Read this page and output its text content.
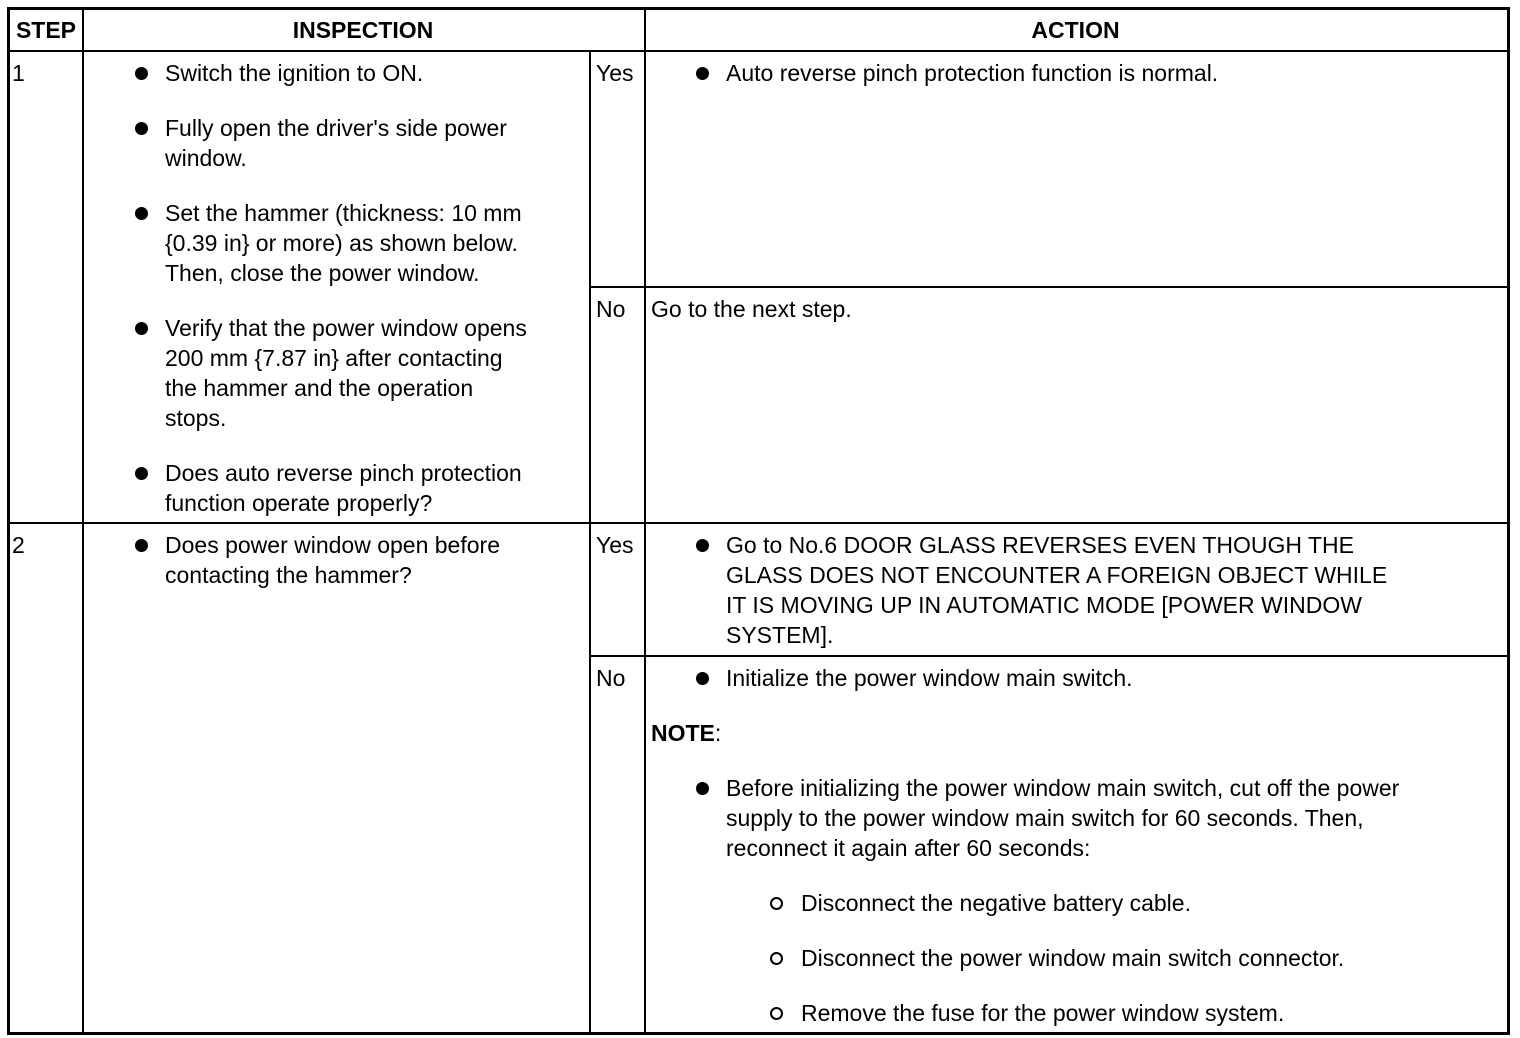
STEP	INSPECTION	ACTION
1	Switch the ignition to ON.
Fully open the driver's side power
window.
Set the hammer (thickness: 10 mm
{0.39 in} or more) as shown below.
Then, close the power window.
Verify that the power window opens
200 mm {7.87 in} after contacting
the hammer and the operation
stops.
Does auto reverse pinch protection
function operate properly?
Yes	Auto reverse pinch protection function is normal.
No Go to the next step.
2	Does power window open before
contacting the hammer?
Yes	Go to No.6 DOOR GLASS REVERSES EVEN THOUGH THE
GLASS DOES NOT ENCOUNTER A FOREIGN OBJECT WHILE
IT IS MOVING UP IN AUTOMATIC MODE [POWER WINDOW
SYSTEM].
No	Initialize the power window main switch.
NOTE:
Before initializing the power window main switch, cut off the power
supply to the power window main switch for 60 seconds. Then,
reconnect it again after 60 seconds:
Disconnect the negative battery cable.
Disconnect the power window main switch connector.
Remove the fuse for the power window system.
